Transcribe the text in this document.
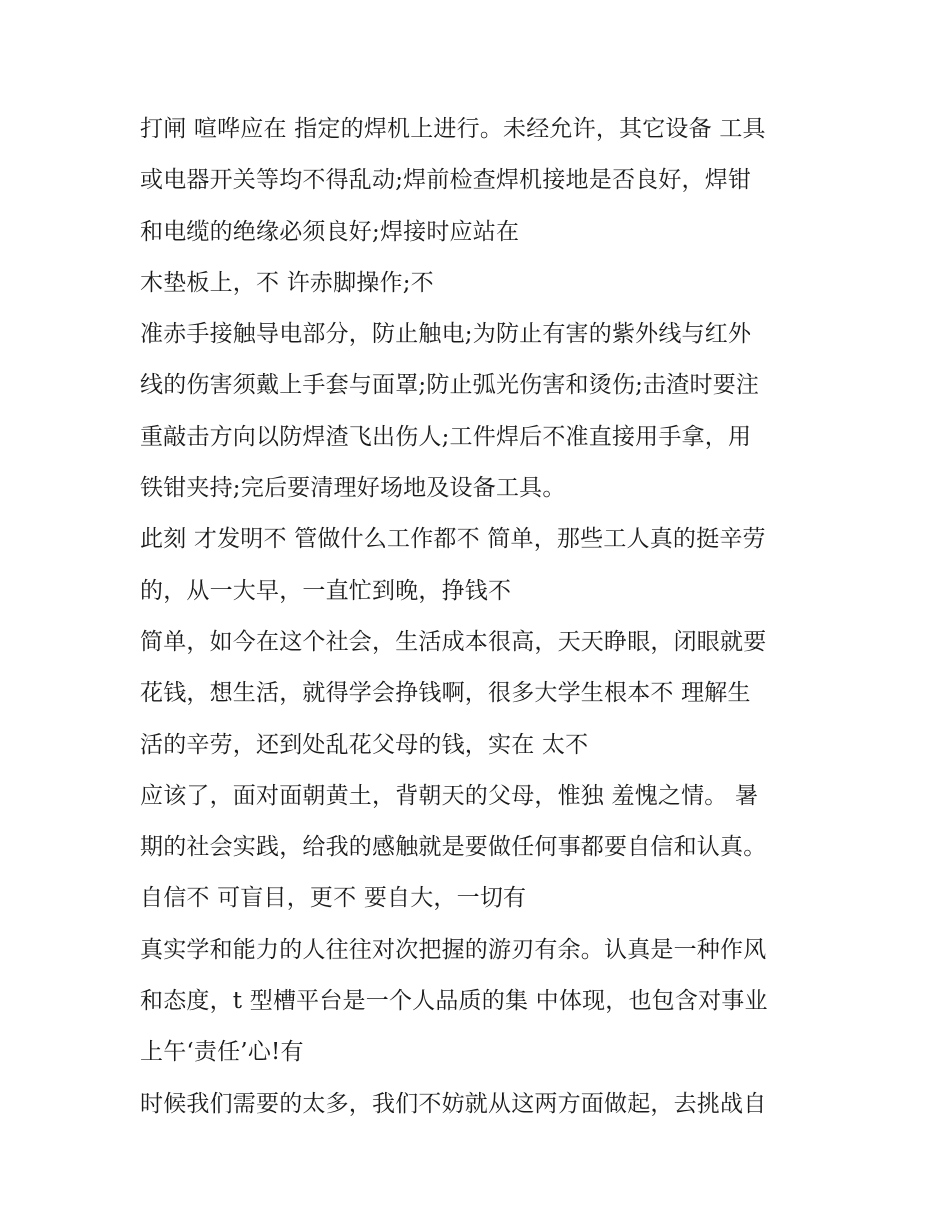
打闸 喧哗应在 指定的焊机上进行。未经允许，其它设备 工具
或电器开关等均不得乱动;焊前检查焊机接地是否良好，焊钳
和电缆的绝缘必须良好;焊接时应站在
木垫板上，不 许赤脚操作;不
准赤手接触导电部分，防止触电;为防止有害的紫外线与红外
线的伤害须戴上手套与面罩;防止弧光伤害和烫伤;击渣时要注
重敲击方向以防焊渣飞出伤人;工件焊后不准直接用手拿，用
铁钳夹持;完后要清理好场地及设备工具。
此刻 才发明不 管做什么工作都不 简单，那些工人真的挺辛劳
的，从一大早，一直忙到晚，挣钱不
简单，如今在这个社会，生活成本很高，天天睁眼，闭眼就要
花钱，想生活，就得学会挣钱啊，很多大学生根本不 理解生
活的辛劳，还到处乱花父母的钱，实在 太不
应该了，面对面朝黄土，背朝天的父母，惟独 羞愧之情。 暑
期的社会实践，给我的感触就是要做任何事都要自信和认真。
自信不 可盲目，更不 要自大，一切有
真实学和能力的人往往对次把握的游刃有余。认真是一种作风
和态度，t 型槽平台是一个人品质的集 中体现，也包含对事业
上午‘责任’心!有
时候我们需要的太多，我们不妨就从这两方面做起，去挑战自
